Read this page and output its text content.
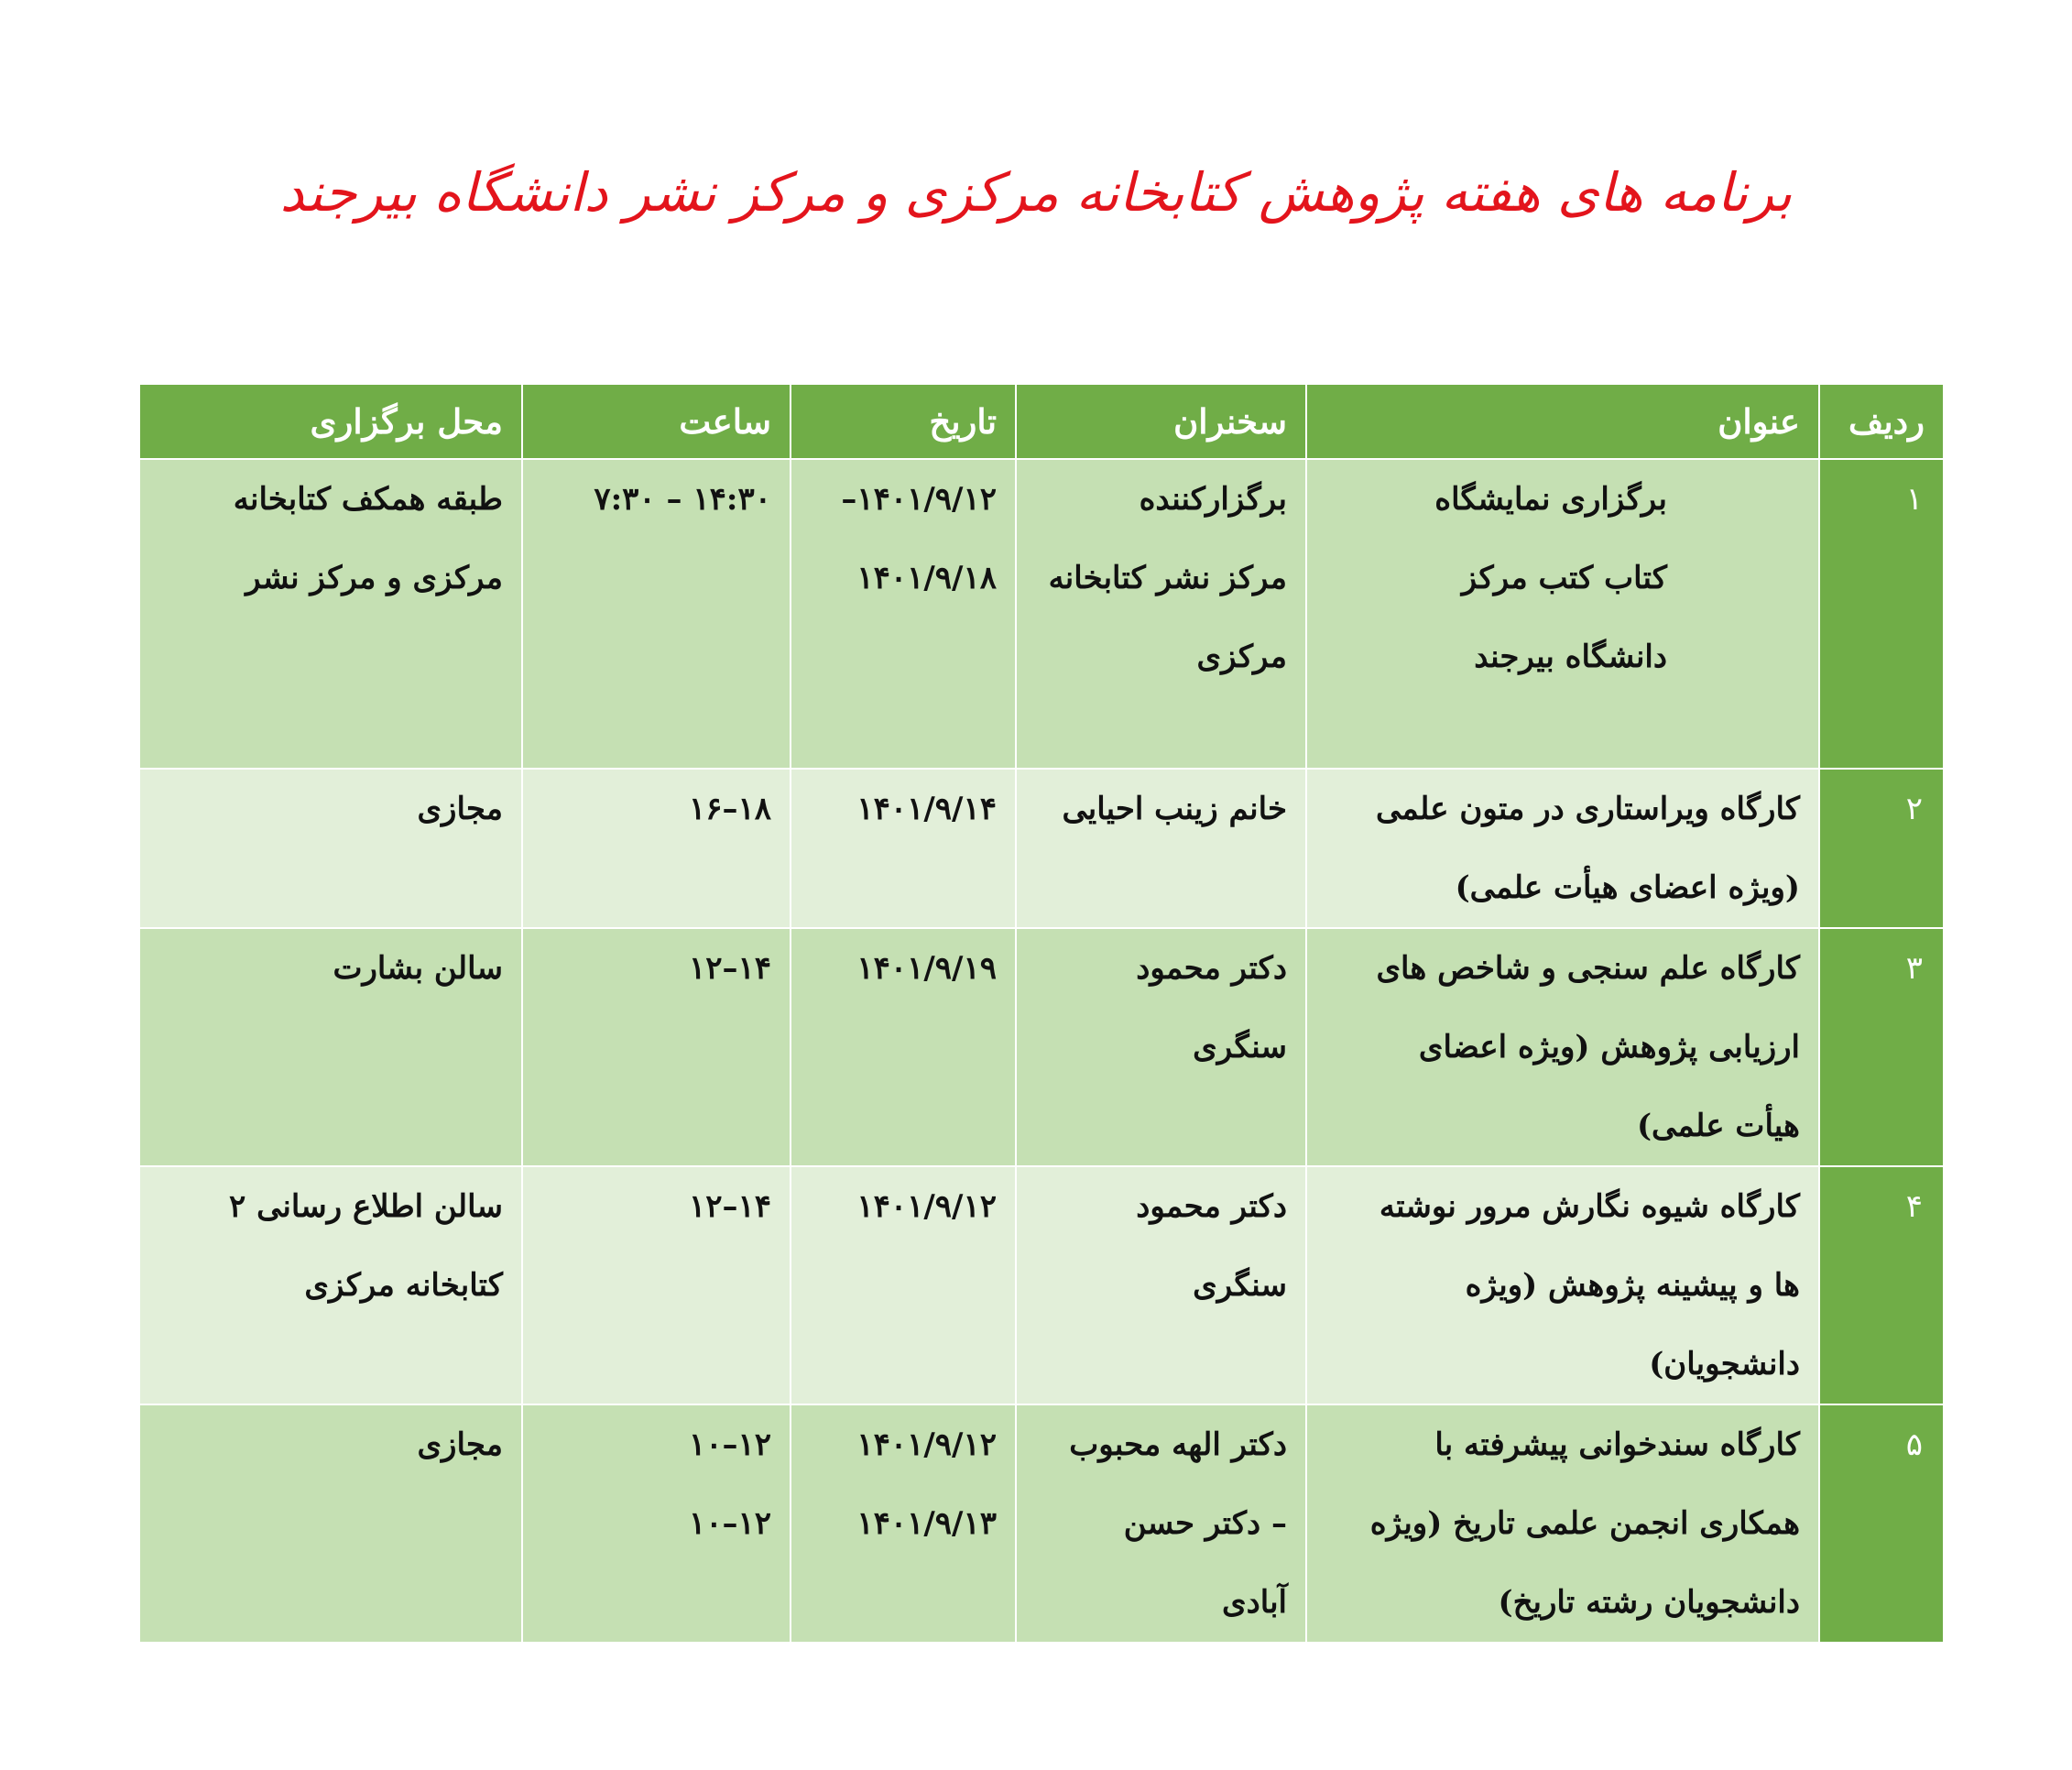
برنامه های هفته پژوهش کتابخانه مرکزی و مرکز نشر دانشگاه بیرجند
ردیف	عنوان	سخنران	تاریخ	ساعت	محل برگزاری
۱	برگزاری نمایشگاه
کتاب کتب مرکز
دانشگاه بیرجند	برگزارکننده
مرکز نشر کتابخانه
مرکزی	۱۴۰۱/۹/۱۲–
۱۴۰۱/۹/۱۸	۱۴:۳۰ – ۷:۳۰	طبقه همکف کتابخانه
مرکزی و مرکز نشر

۲	کارگاه ویراستاری در متون علمی
(ویژه اعضای هیأت علمی)	خانم زینب احیایی	۱۴۰۱/۹/۱۴	۱۸–۱۶	مجازی

۳	کارگاه علم سنجی و شاخص های
ارزیابی پژوهش (ویژه اعضای
هیأت علمی)	دکتر محمود
سنگری	۱۴۰۱/۹/۱۹	۱۴–۱۲	سالن بشارت

۴	کارگاه شیوه نگارش مرور نوشته
ها و پیشینه پژوهش (ویژه
دانشجویان)	دکتر محمود
سنگری	۱۴۰۱/۹/۱۲	۱۴–۱۲	سالن اطلاع رسانی ۲
کتابخانه مرکزی

۵	کارگاه سندخوانی پیشرفته با
همکاری انجمن علمی تاریخ (ویژه
دانشجویان رشته تاریخ)	دکتر الهه محبوب
– دکتر حسن
آبادی	۱۴۰۱/۹/۱۲
۱۴۰۱/۹/۱۳	۱۲–۱۰
۱۲–۱۰	مجازی
